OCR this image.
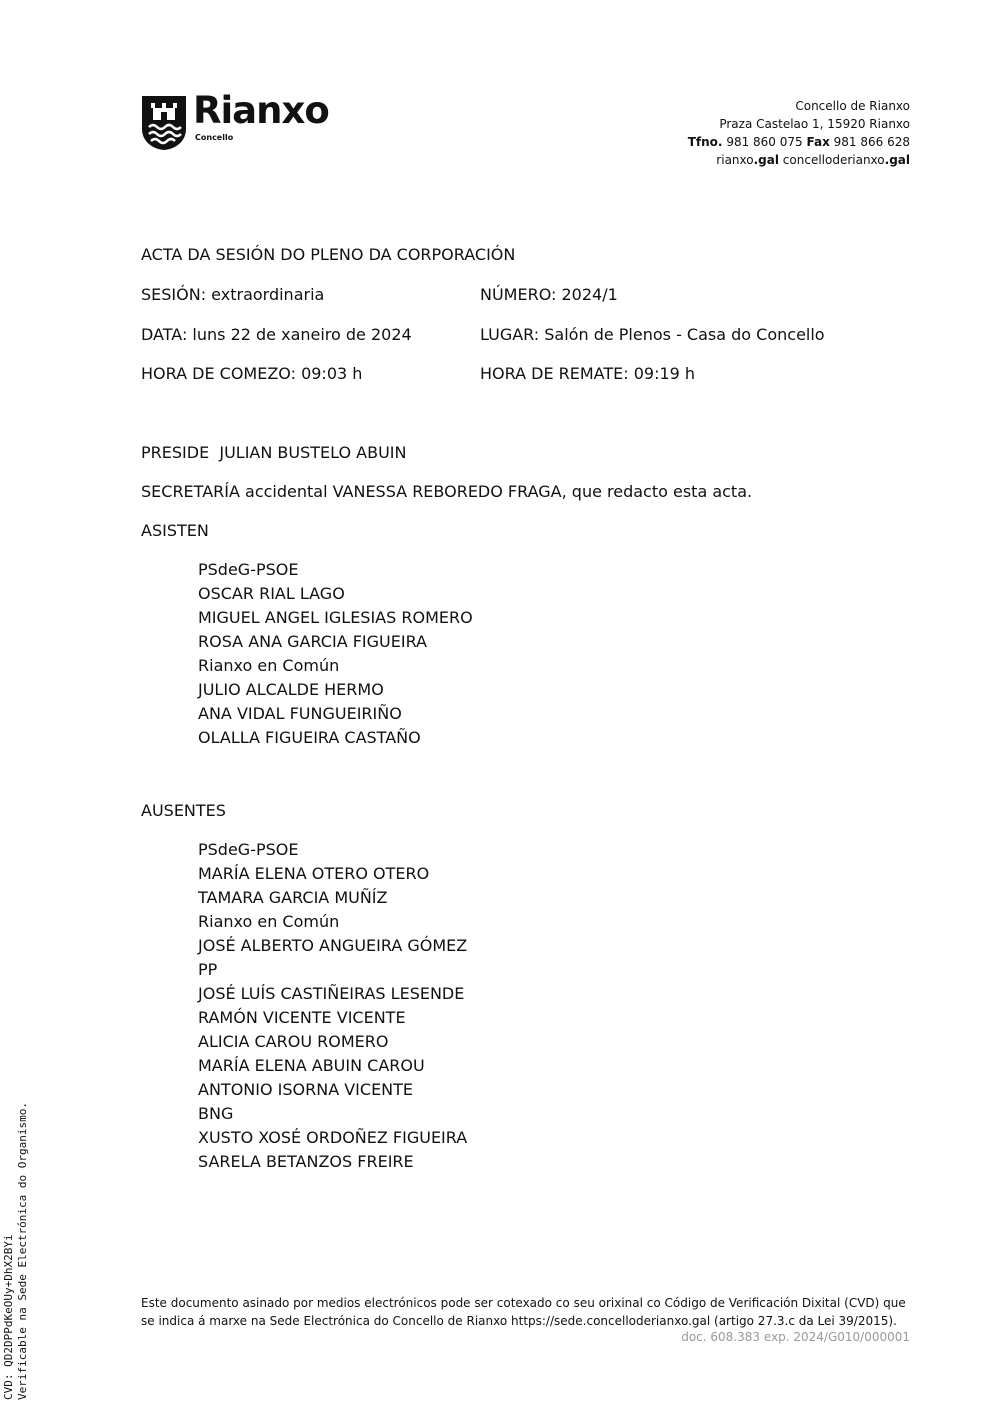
Rianxo
Concello
Concello de Rianxo
Praza Castelao 1, 15920 Rianxo
Tfno. 981 860 075 Fax 981 866 628
rianxo.gal concelloderianxo.gal
ACTA DA SESIÓN DO PLENO DA CORPORACIÓN
SESIÓN: extraordinaria	NÚMERO: 2024/1
DATA: luns 22 de xaneiro de 2024	LUGAR: Salón de Plenos - Casa do Concello
HORA DE COMEZO: 09:03 h	HORA DE REMATE: 09:19 h
PRESIDE  JULIAN BUSTELO ABUIN
SECRETARÍA accidental VANESSA REBOREDO FRAGA, que redacto esta acta.
ASISTEN
PSdeG-PSOE
OSCAR RIAL LAGO
MIGUEL ANGEL IGLESIAS ROMERO
ROSA ANA GARCIA FIGUEIRA
Rianxo en Común
JULIO ALCALDE HERMO
ANA VIDAL FUNGUEIRIÑO
OLALLA FIGUEIRA CASTAÑO
AUSENTES
PSdeG-PSOE
MARÍA ELENA OTERO OTERO
TAMARA GARCIA MUÑÍZ
Rianxo en Común
JOSÉ ALBERTO ANGUEIRA GÓMEZ
PP
JOSÉ LUÍS CASTIÑEIRAS LESENDE
RAMÓN VICENTE VICENTE
ALICIA CAROU ROMERO
MARÍA ELENA ABUIN CAROU
ANTONIO ISORNA VICENTE
BNG
XUSTO XOSÉ ORDOÑEZ FIGUEIRA
SARELA BETANZOS FREIRE
Este documento asinado por medios electrónicos pode ser cotexado co seu orixinal co Código de Verificación Dixital (CVD) que se indica á marxe na Sede Electrónica do Concello de Rianxo https://sede.concelloderianxo.gal (artigo 27.3.c da Lei 39/2015).
doc. 608.383 exp. 2024/G010/000001
CVD: QD2DPPdKeOUy+DhX2BYi Verificable na Sede Electrónica do Organismo.
